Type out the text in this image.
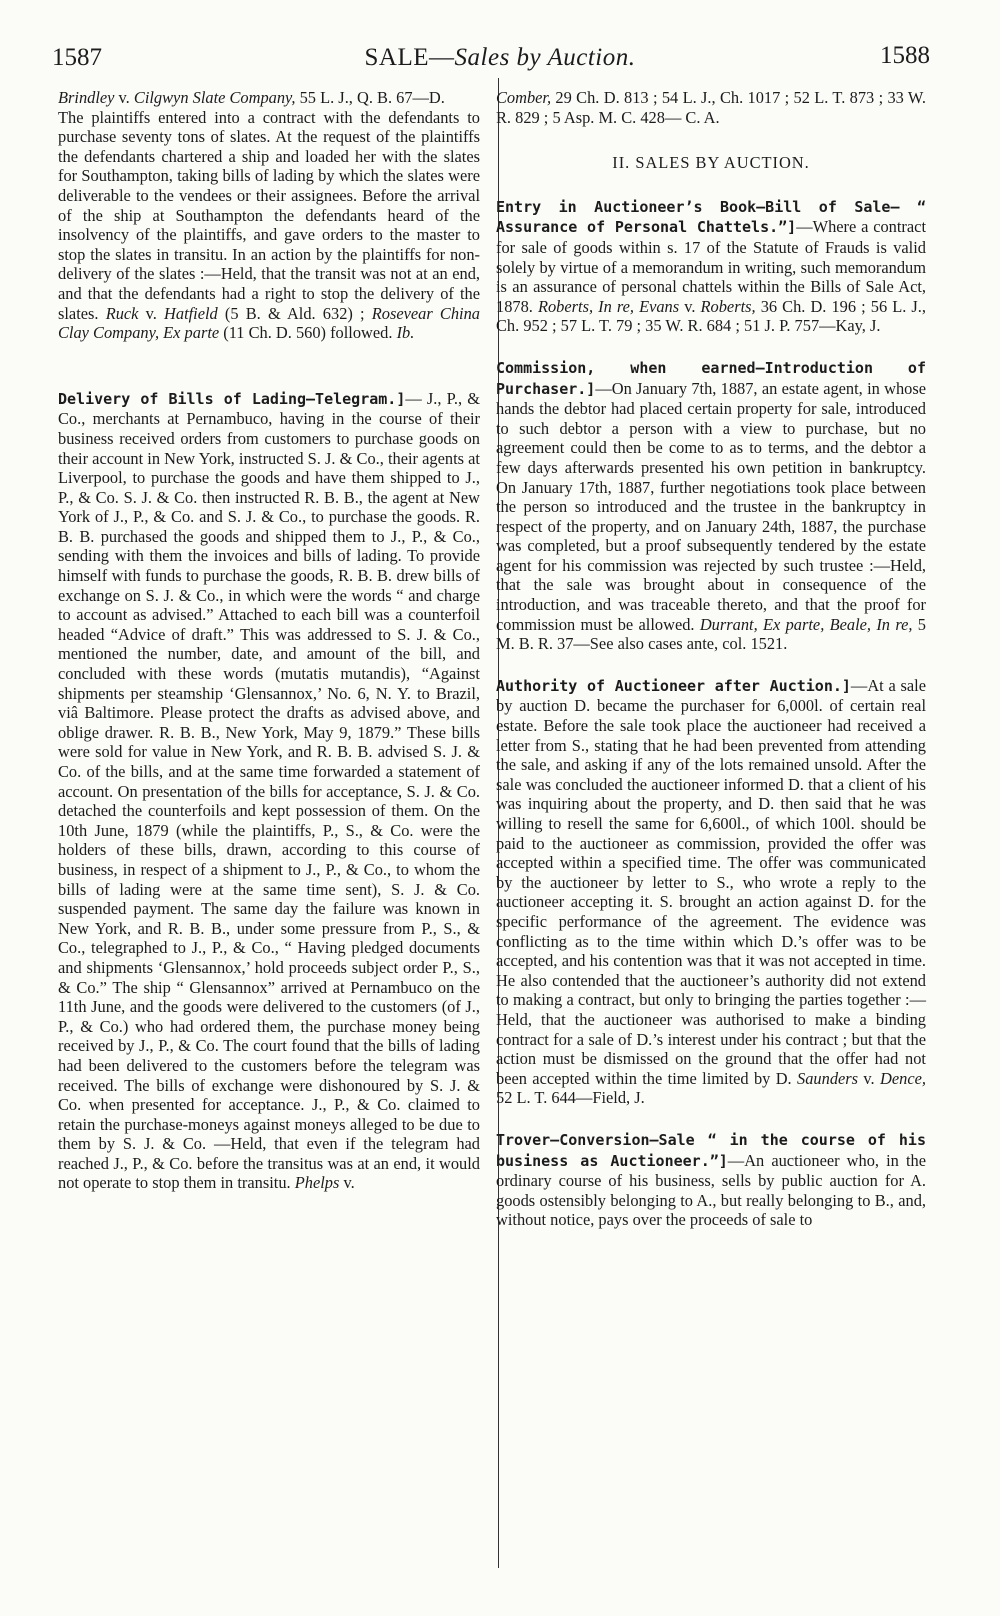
1587	SALE—Sales by Auction.	1588

Brindley v. Cilgwyn Slate Company, 55 L. J., Q. B. 67—D.

The plaintiffs entered into a contract with the defendants to purchase seventy tons of slates. At the request of the plaintiffs the defendants chartered a ship and loaded her with the slates for Southampton, taking bills of lading by which the slates were deliverable to the vendees or their assignees. Before the arrival of the ship at Southampton the defendants heard of the insolvency of the plaintiffs, and gave orders to the master to stop the slates in transitu. In an action by the plaintiffs for non-delivery of the slates :—Held, that the transit was not at an end, and that the defendants had a right to stop the delivery of the slates. Ruck v. Hatfield (5 B. & Ald. 632) ; Rosevear China Clay Company, Ex parte (11 Ch. D. 560) followed. Ib.

Delivery of Bills of Lading—Telegram.]— J., P., & Co., merchants at Pernambuco, having in the course of their business received orders from customers to purchase goods on their account in New York, instructed S. J. & Co., their agents at Liverpool, to purchase the goods and have them shipped to J., P., & Co. S. J. & Co. then instructed R. B. B., the agent at New York of J., P., & Co. and S. J. & Co., to purchase the goods. R. B. B. purchased the goods and shipped them to J., P., & Co., sending with them the invoices and bills of lading. To provide himself with funds to purchase the goods, R. B. B. drew bills of exchange on S. J. & Co., in which were the words “ and charge to account as advised.” Attached to each bill was a counterfoil headed “Advice of draft.” This was addressed to S. J. & Co., mentioned the number, date, and amount of the bill, and concluded with these words (mutatis mutandis), “Against shipments per steamship ‘Glensannox,’ No. 6, N. Y. to Brazil, viâ Baltimore. Please protect the drafts as advised above, and oblige drawer. R. B. B., New York, May 9, 1879.” These bills were sold for value in New York, and R. B. B. advised S. J. & Co. of the bills, and at the same time forwarded a statement of account. On presentation of the bills for acceptance, S. J. & Co. detached the counterfoils and kept possession of them. On the 10th June, 1879 (while the plaintiffs, P., S., & Co. were the holders of these bills, drawn, according to this course of business, in respect of a shipment to J., P., & Co., to whom the bills of lading were at the same time sent), S. J. & Co. suspended payment. The same day the failure was known in New York, and R. B. B., under some pressure from P., S., & Co., telegraphed to J., P., & Co., “ Having pledged documents and shipments ‘Glensannox,’ hold proceeds subject order P., S., & Co.” The ship “ Glensannox” arrived at Pernambuco on the 11th June, and the goods were delivered to the customers (of J., P., & Co.) who had ordered them, the purchase money being received by J., P., & Co. The court found that the bills of lading had been delivered to the customers before the telegram was received. The bills of exchange were dishonoured by S. J. & Co. when presented for acceptance. J., P., & Co. claimed to retain the purchase-moneys against moneys alleged to be due to them by S. J. & Co. —Held, that even if the telegram had reached J., P., & Co. before the transitus was at an end, it would not operate to stop them in transitu. Phelps v.

Comber, 29 Ch. D. 813 ; 54 L. J., Ch. 1017 ; 52 L. T. 873 ; 33 W. R. 829 ; 5 Asp. M. C. 428— C. A.

II. SALES BY AUCTION.

Entry in Auctioneer’s Book—Bill of Sale— “ Assurance of Personal Chattels.”]—Where a contract for sale of goods within s. 17 of the Statute of Frauds is valid solely by virtue of a memorandum in writing, such memorandum is an assurance of personal chattels within the Bills of Sale Act, 1878. Roberts, In re, Evans v. Roberts, 36 Ch. D. 196 ; 56 L. J., Ch. 952 ; 57 L. T. 79 ; 35 W. R. 684 ; 51 J. P. 757—Kay, J.

Commission, when earned—Introduction of Purchaser.]—On January 7th, 1887, an estate agent, in whose hands the debtor had placed certain property for sale, introduced to such debtor a person with a view to purchase, but no agreement could then be come to as to terms, and the debtor a few days afterwards presented his own petition in bankruptcy. On January 17th, 1887, further negotiations took place between the person so introduced and the trustee in the bankruptcy in respect of the property, and on January 24th, 1887, the purchase was completed, but a proof subsequently tendered by the estate agent for his commission was rejected by such trustee :—Held, that the sale was brought about in consequence of the introduction, and was traceable thereto, and that the proof for commission must be allowed. Durrant, Ex parte, Beale, In re, 5 M. B. R. 37—See also cases ante, col. 1521.

Authority of Auctioneer after Auction.]—At a sale by auction D. became the purchaser for 6,000l. of certain real estate. Before the sale took place the auctioneer had received a letter from S., stating that he had been prevented from attending the sale, and asking if any of the lots remained unsold. After the sale was concluded the auctioneer informed D. that a client of his was inquiring about the property, and D. then said that he was willing to resell the same for 6,600l., of which 100l. should be paid to the auctioneer as commission, provided the offer was accepted within a specified time. The offer was communicated by the auctioneer by letter to S., who wrote a reply to the auctioneer accepting it. S. brought an action against D. for the specific performance of the agreement. The evidence was conflicting as to the time within which D.’s offer was to be accepted, and his contention was that it was not accepted in time. He also contended that the auctioneer’s authority did not extend to making a contract, but only to bringing the parties together :—Held, that the auctioneer was authorised to make a binding contract for a sale of D.’s interest under his contract ; but that the action must be dismissed on the ground that the offer had not been accepted within the time limited by D. Saunders v. Dence, 52 L. T. 644—Field, J.

Trover—Conversion—Sale “ in the course of his business as Auctioneer.”]—An auctioneer who, in the ordinary course of his business, sells by public auction for A. goods ostensibly belonging to A., but really belonging to B., and, without notice, pays over the proceeds of sale to
